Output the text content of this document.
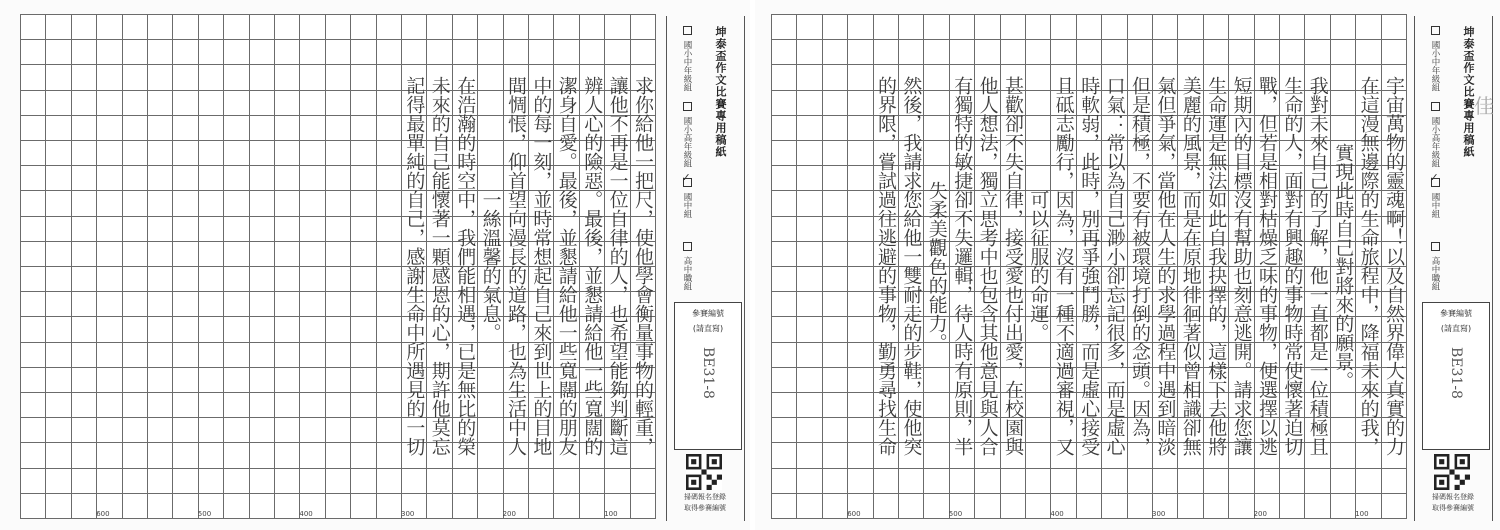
求你給他一把尺，使他學會衡量事物的輕重，
讓他不再是一位自律的人，也希望能夠判斷這
辨人心的險惡。最後，並懇請給他一些寬闊的
潔身自愛。最後，並懇請給他一些寬闊的朋友
中的每一刻，並時常想起自己來到世上的目地
間惆悵，仰首望向漫長的道路，也為生活中人
一絲溫馨的氣息。
在浩瀚的時空中，我們能相遇，已是無比的榮
未來的自己能懷著一顆感恩的心，期許他莫忘
記得最單純的自己，感謝生命中所遇見的一切
600	500	400	300	200	100
坤泰盃作文比賽專用稿紙
國小中年級組
國小高年級組
✓
國中組
高中職組
參賽編號
(請直寫)
BE31-8
掃碼報名登錄
取得參賽編號
宇宙萬物的靈魂啊！以及自然界偉大真實的力
在這漫無邊際的生命旅程中，降福未來的我，
實現此時自己對將來的願景。
我對未來自己的了解，他一直都是一位積極且
生命的人，面對有興趣的事物時常使懷著迫切
戰，但若是相對枯燥乏味的事物，便選擇以逃
短期內的目標沒有幫助也刻意逃開。請求您讓
生命運是無法如此自我抉擇的，這樣下去他將
美麗的風景，而是在原地徘徊著似曾相識卻無
氣但爭氣，當他在人生的求學過程中遇到暗淡
但是積極，不要有被環境打倒的念頭。因為，
口氣：常以為自己渺小卻忘記很多，而是虛心
時軟弱，此時，別再爭強鬥勝，而是虛心接受
且砥志勵行，因為，沒有一種不適過審視，又
可以征服的命運。
甚歡卻不失自律，接受愛也付出愛，在校園與
他人想法，獨立思考中也包含其他意見與人合
有獨特的敏捷卻不失邏輯，待人時有原則，半
失柔美觀色的能力。
然後，我請求您給他一雙耐走的步鞋，使他突
的界限，嘗試過往逃避的事物，勤勇尋找生命
600	500	400	300	200	100
佳
坤泰盃作文比賽專用稿紙
國小中年級組
國小高年級組
✓
國中組
高中職組
參賽編號
(請直寫)
BE31-8
掃碼報名登錄
取得參賽編號
